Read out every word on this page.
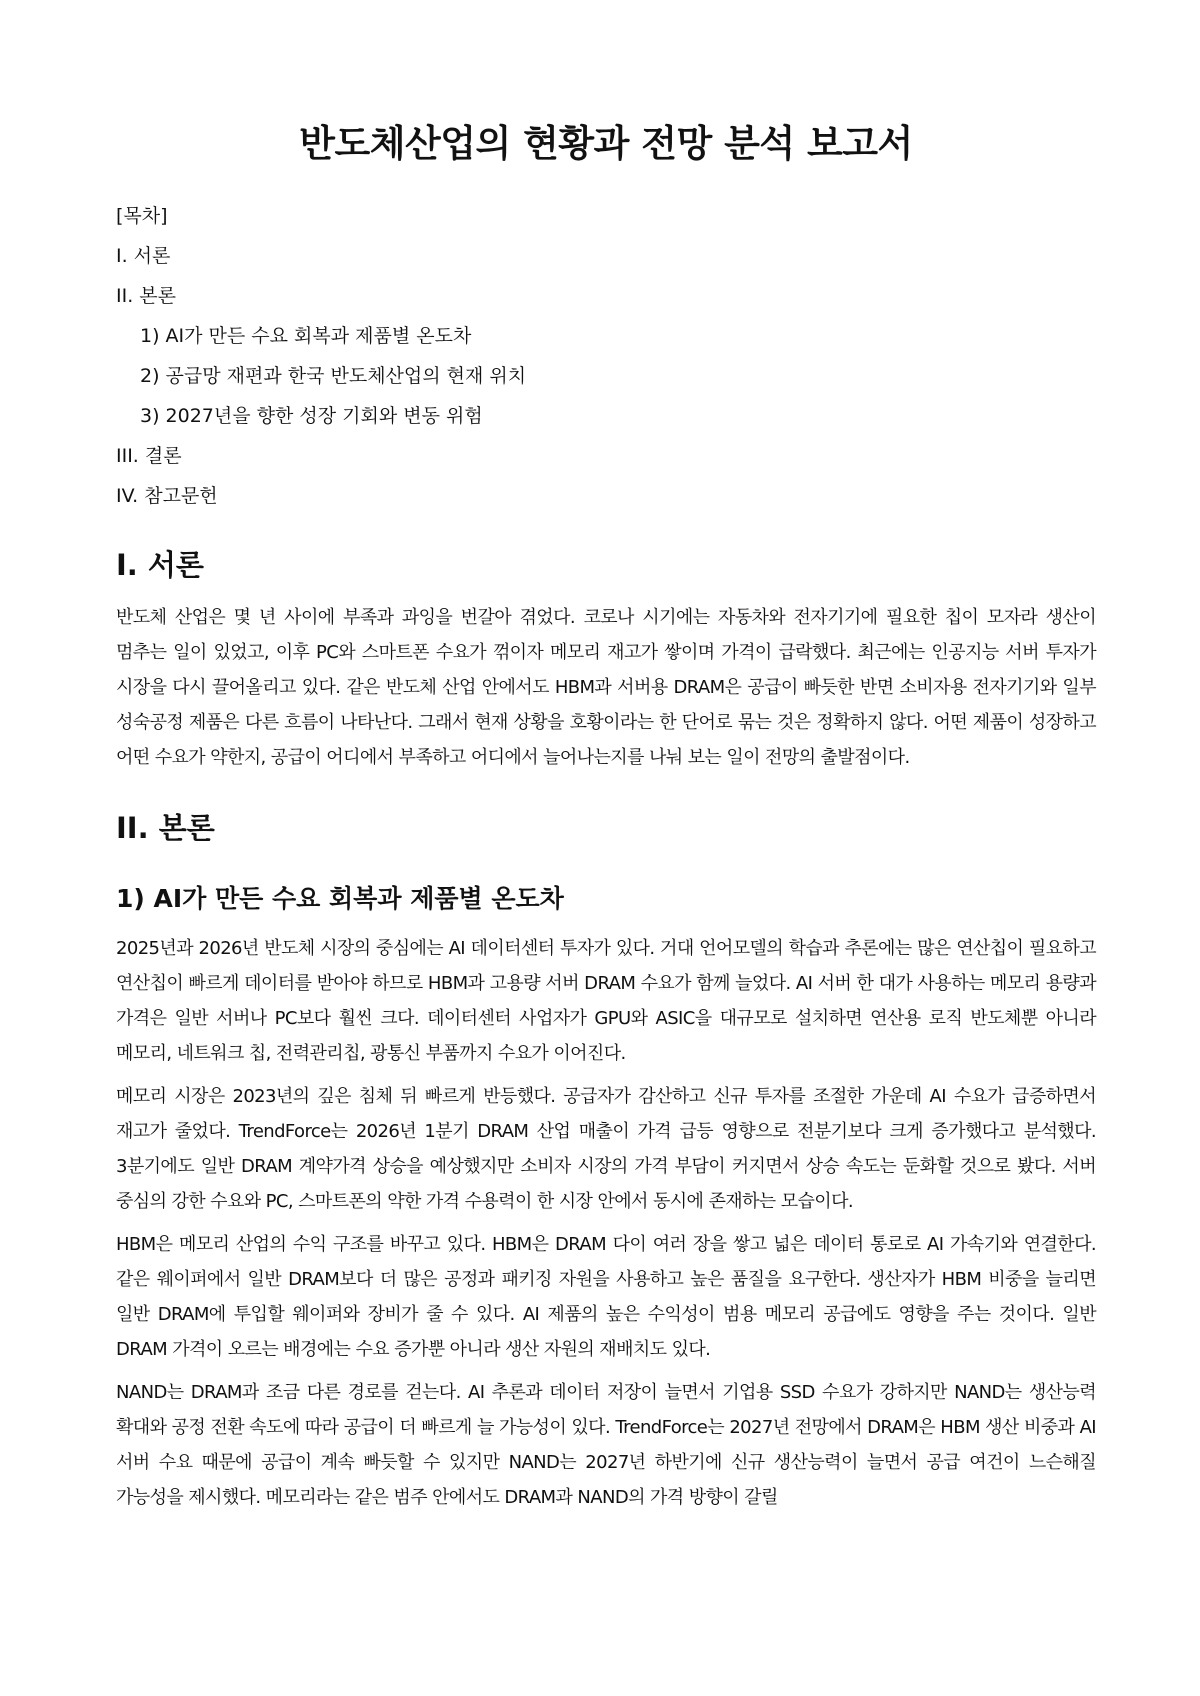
반도체산업의 현황과 전망 분석 보고서
[목차]
I. 서론
II. 본론
1) AI가 만든 수요 회복과 제품별 온도차
2) 공급망 재편과 한국 반도체산업의 현재 위치
3) 2027년을 향한 성장 기회와 변동 위험
III. 결론
IV. 참고문헌
I. 서론

반도체 산업은 몇 년 사이에 부족과 과잉을 번갈아 겪었다. 코로나 시기에는 자동차와 전자기기에 필요한 칩이 모자라 생산이 멈추는 일이 있었고, 이후 PC와 스마트폰 수요가 꺾이자 메모리 재고가 쌓이며 가격이 급락했다. 최근에는 인공지능 서버 투자가 시장을 다시 끌어올리고 있다. 같은 반도체 산업 안에서도 HBM과 서버용 DRAM은 공급이 빠듯한 반면 소비자용 전자기기와 일부 성숙공정 제품은 다른 흐름이 나타난다. 그래서 현재 상황을 호황이라는 한 단어로 묶는 것은 정확하지 않다. 어떤 제품이 성장하고 어떤 수요가 약한지, 공급이 어디에서 부족하고 어디에서 늘어나는지를 나눠 보는 일이 전망의 출발점이다.

II. 본론
1) AI가 만든 수요 회복과 제품별 온도차

2025년과 2026년 반도체 시장의 중심에는 AI 데이터센터 투자가 있다. 거대 언어모델의 학습과 추론에는 많은 연산칩이 필요하고 연산칩이 빠르게 데이터를 받아야 하므로 HBM과 고용량 서버 DRAM 수요가 함께 늘었다. AI 서버 한 대가 사용하는 메모리 용량과 가격은 일반 서버나 PC보다 훨씬 크다. 데이터센터 사업자가 GPU와 ASIC을 대규모로 설치하면 연산용 로직 반도체뿐 아니라 메모리, 네트워크 칩, 전력관리칩, 광통신 부품까지 수요가 이어진다.

메모리 시장은 2023년의 깊은 침체 뒤 빠르게 반등했다. 공급자가 감산하고 신규 투자를 조절한 가운데 AI 수요가 급증하면서 재고가 줄었다. TrendForce는 2026년 1분기 DRAM 산업 매출이 가격 급등 영향으로 전분기보다 크게 증가했다고 분석했다. 3분기에도 일반 DRAM 계약가격 상승을 예상했지만 소비자 시장의 가격 부담이 커지면서 상승 속도는 둔화할 것으로 봤다. 서버 중심의 강한 수요와 PC, 스마트폰의 약한 가격 수용력이 한 시장 안에서 동시에 존재하는 모습이다.

HBM은 메모리 산업의 수익 구조를 바꾸고 있다. HBM은 DRAM 다이 여러 장을 쌓고 넓은 데이터 통로로 AI 가속기와 연결한다. 같은 웨이퍼에서 일반 DRAM보다 더 많은 공정과 패키징 자원을 사용하고 높은 품질을 요구한다. 생산자가 HBM 비중을 늘리면 일반 DRAM에 투입할 웨이퍼와 장비가 줄 수 있다. AI 제품의 높은 수익성이 범용 메모리 공급에도 영향을 주는 것이다. 일반 DRAM 가격이 오르는 배경에는 수요 증가뿐 아니라 생산 자원의 재배치도 있다.

NAND는 DRAM과 조금 다른 경로를 걷는다. AI 추론과 데이터 저장이 늘면서 기업용 SSD 수요가 강하지만 NAND는 생산능력 확대와 공정 전환 속도에 따라 공급이 더 빠르게 늘 가능성이 있다. TrendForce는 2027년 전망에서 DRAM은 HBM 생산 비중과 AI 서버 수요 때문에 공급이 계속 빠듯할 수 있지만 NAND는 2027년 하반기에 신규 생산능력이 늘면서 공급 여건이 느슨해질 가능성을 제시했다. 메모리라는 같은 범주 안에서도 DRAM과 NAND의 가격 방향이 갈릴
